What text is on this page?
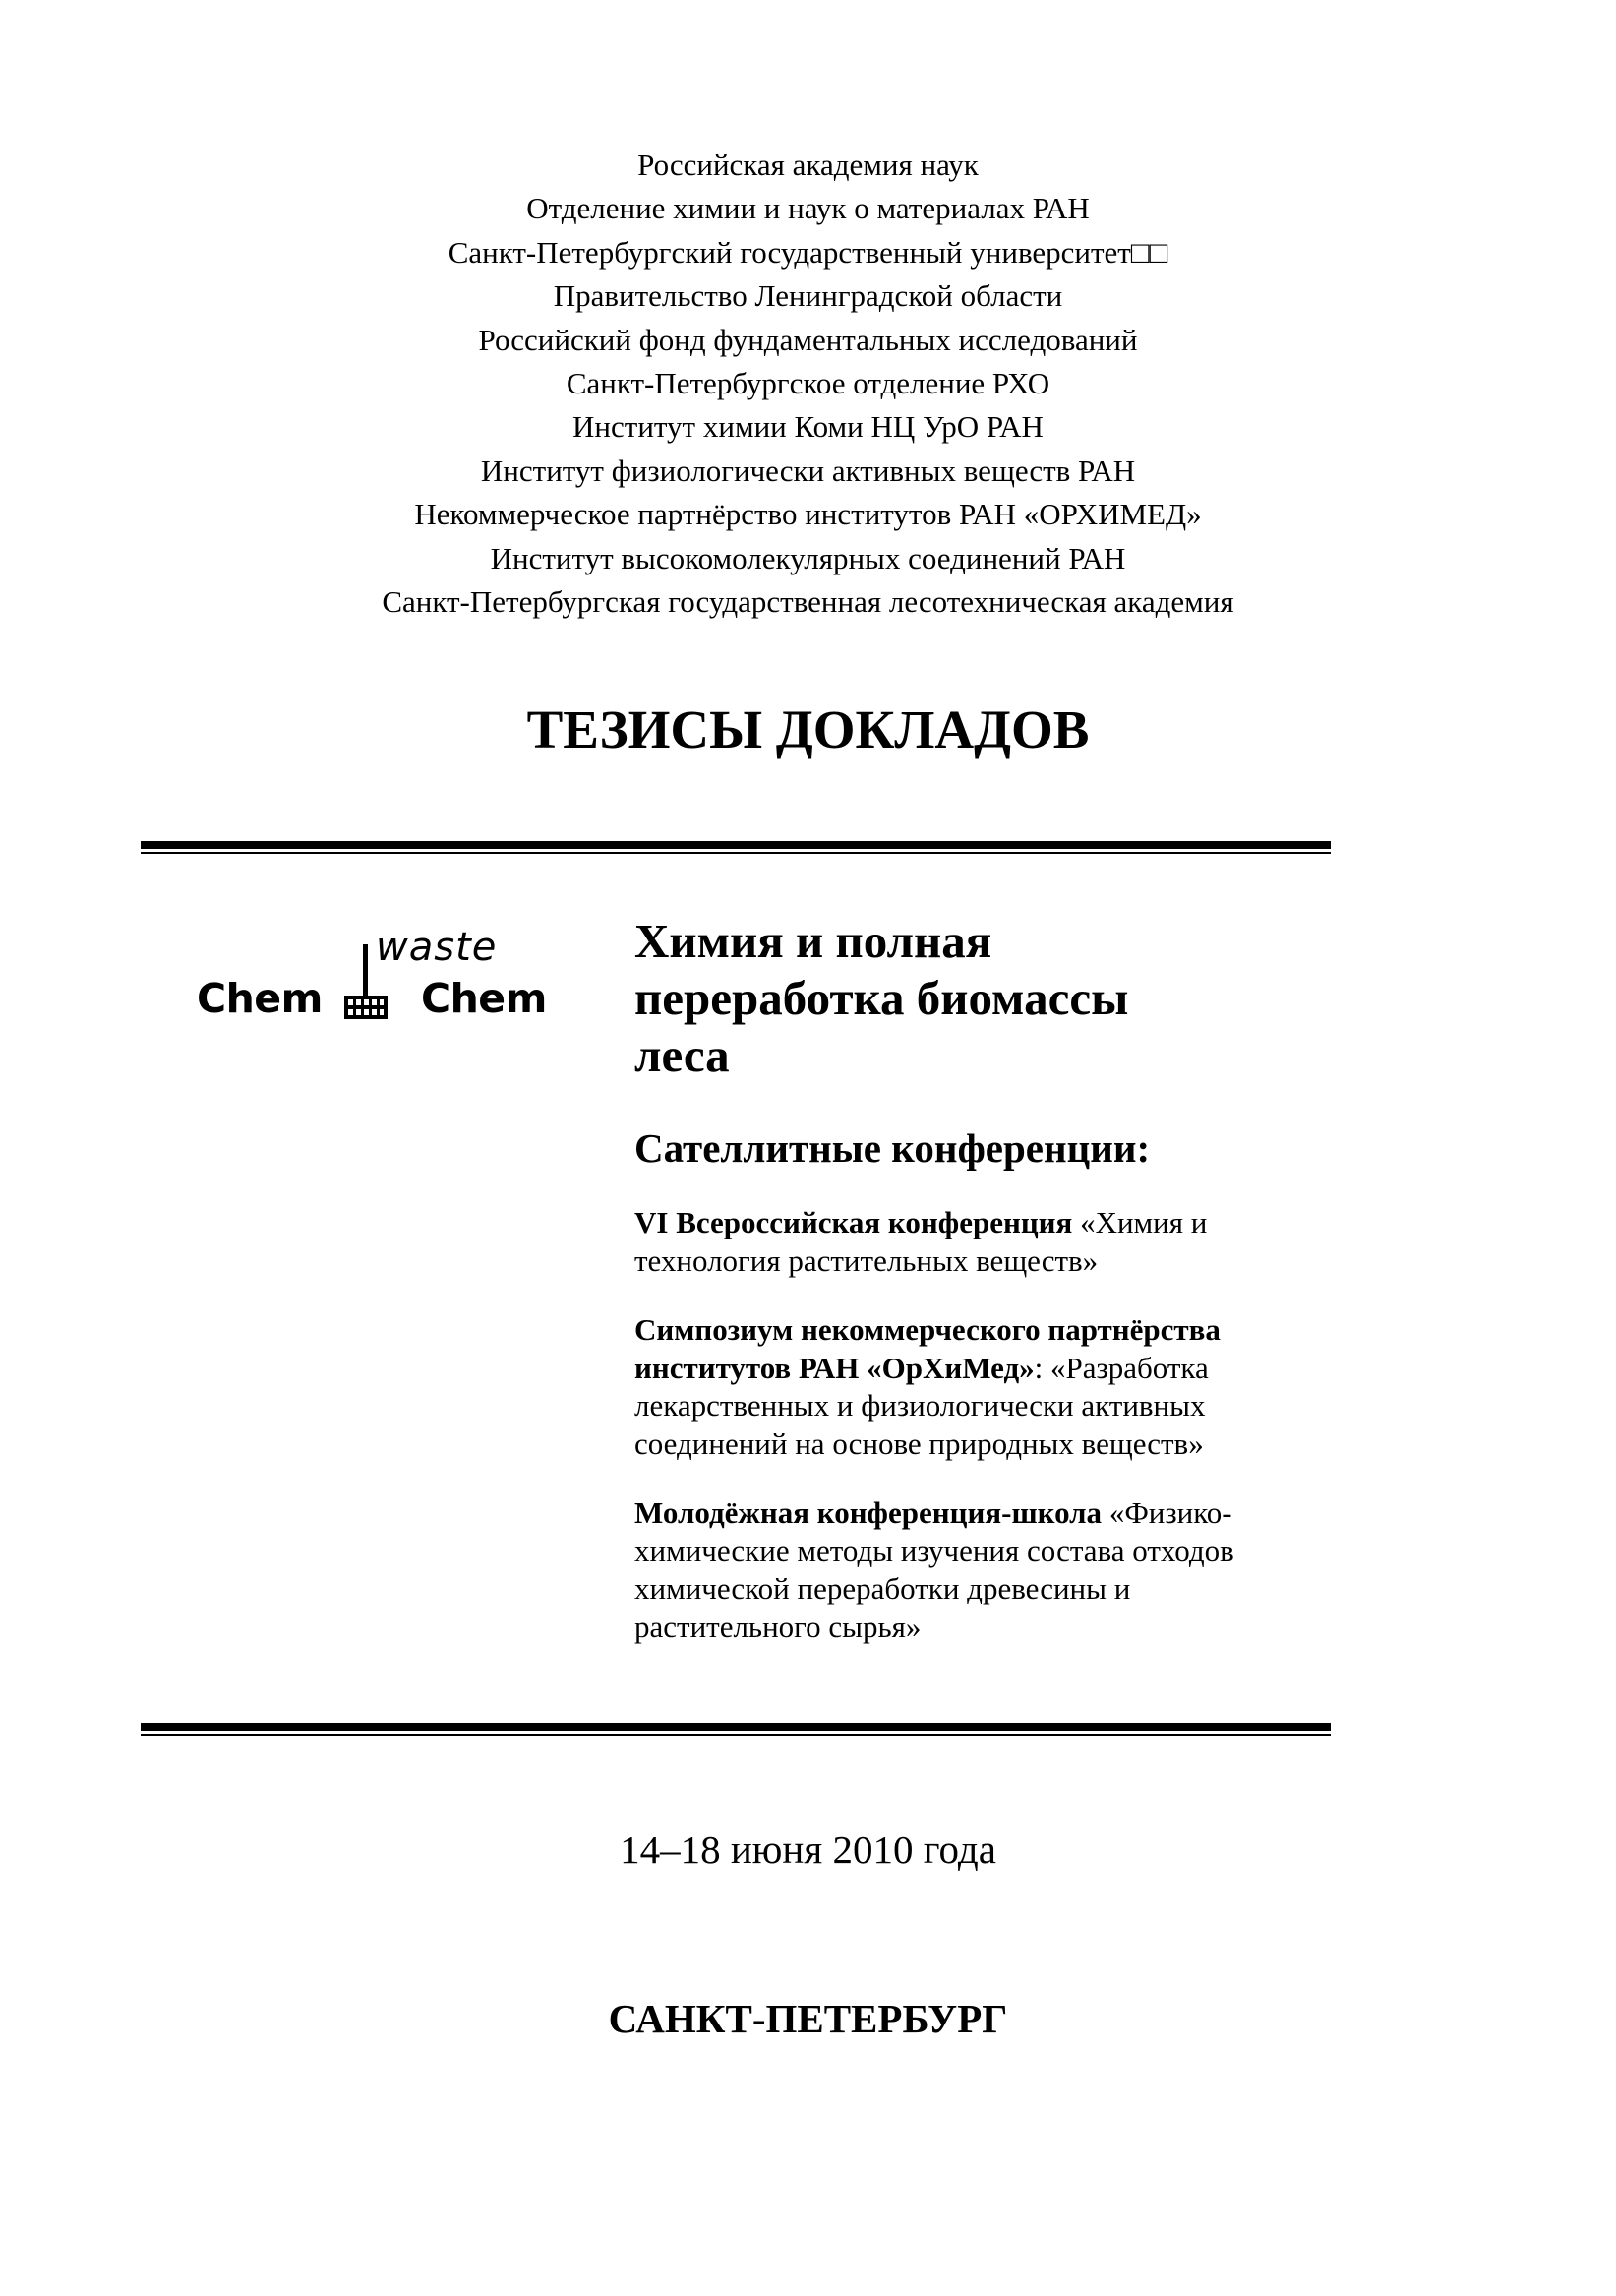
Российская академия наук
Отделение химии и наук о материалах РАН
Санкт-Петербургский государственный университет□□
Правительство Ленинградской области
Российский фонд фундаментальных исследований
Санкт-Петербургское отделение РХО
Институт химии Коми НЦ УрО РАН
Институт физиологически активных веществ РАН
Некоммерческое партнёрство институтов РАН «ОРХИМЕД»
Институт высокомолекулярных соединений РАН
Санкт-Петербургская государственная лесотехническая академия
ТЕЗИСЫ ДОКЛАДОВ
Chem
waste
Chem
Химия и полная
переработка биомассы
леса
Сателлитные конференции:
VI Всероссийская конференция «Химия и технология растительных веществ»
Симпозиум некоммерческого партнёрства институтов РАН «ОрХиМед»: «Разработка лекарственных и физиологически активных соединений на основе природных веществ»
Молодёжная конференция-школа «Физико-химические методы изучения состава отходов химической переработки древесины и растительного сырья»
14–18 июня 2010 года
САНКТ-ПЕТЕРБУРГ
